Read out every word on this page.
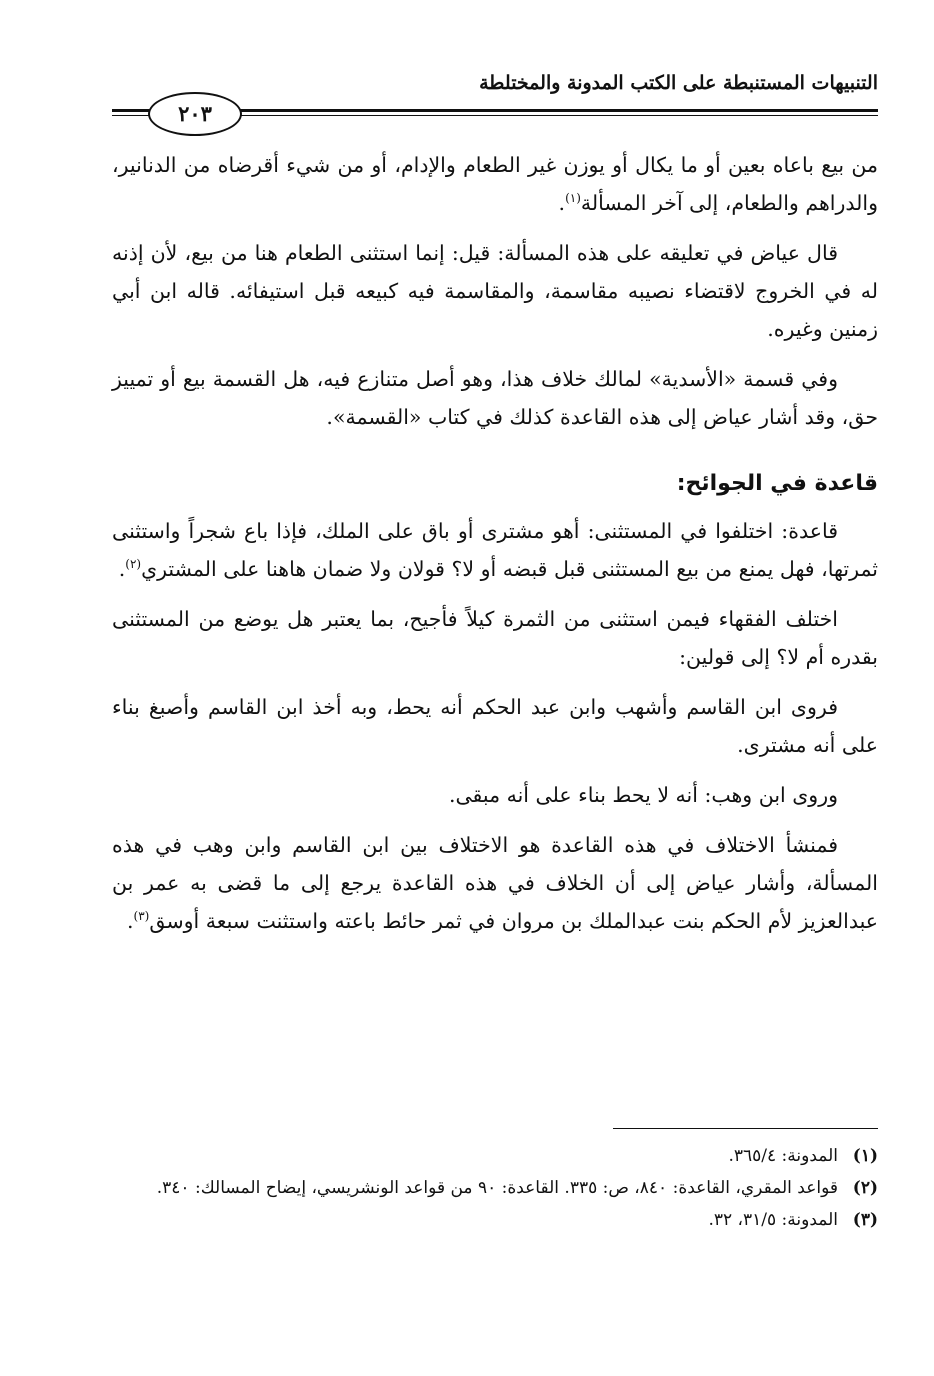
التنبيهات المستنبطة على الكتب المدونة والمختلطة
٢٠٣

من بيع باعاه بعين أو ما يكال أو يوزن غير الطعام والإدام، أو من شيء أقرضاه من الدنانير، والدراهم والطعام، إلى آخر المسألة$^{(١)}$.

قال عياض في تعليقه على هذه المسألة: قيل: إنما استثنى الطعام هنا من بيع، لأن إذنه له في الخروج لاقتضاء نصيبه مقاسمة، والمقاسمة فيه كبيعه قبل استيفائه. قاله ابن أبي زمنين وغيره.

وفي قسمة «الأسدية» لمالك خلاف هذا، وهو أصل متنازع فيه، هل القسمة بيع أو تمييز حق، وقد أشار عياض إلى هذه القاعدة كذلك في كتاب «القسمة».

قاعدة في الجوائح:

قاعدة: اختلفوا في المستثنى: أهو مشترى أو باق على الملك، فإذا باع شجراً واستثنى ثمرتها، فهل يمنع من بيع المستثنى قبل قبضه أو لا؟ قولان ولا ضمان هاهنا على المشتري$^{(٢)}$.

اختلف الفقهاء فيمن استثنى من الثمرة كيلاً فأجيح، بما يعتبر هل يوضع من المستثنى بقدره أم لا؟ إلى قولين:

فروى ابن القاسم وأشهب وابن عبد الحكم أنه يحط، وبه أخذ ابن القاسم وأصبغ بناء على أنه مشترى.

وروى ابن وهب: أنه لا يحط بناء على أنه مبقى.

فمنشأ الاختلاف في هذه القاعدة هو الاختلاف بين ابن القاسم وابن وهب في هذه المسألة، وأشار عياض إلى أن الخلاف في هذه القاعدة يرجع إلى ما قضى به عمر بن عبدالعزيز لأم الحكم بنت عبدالملك بن مروان في ثمر حائط باعته واستثنت سبعة أوسق$^{(٣)}$.

(١)
المدونة: ٣٦٥/٤.
(٢)
قواعد المقري، القاعدة: ٨٤٠، ص: ٣٣٥. القاعدة: ٩٠ من قواعد الونشريسي، إيضاح المسالك: ٣٤٠.
(٣)
المدونة: ٣١/٥، ٣٢.
